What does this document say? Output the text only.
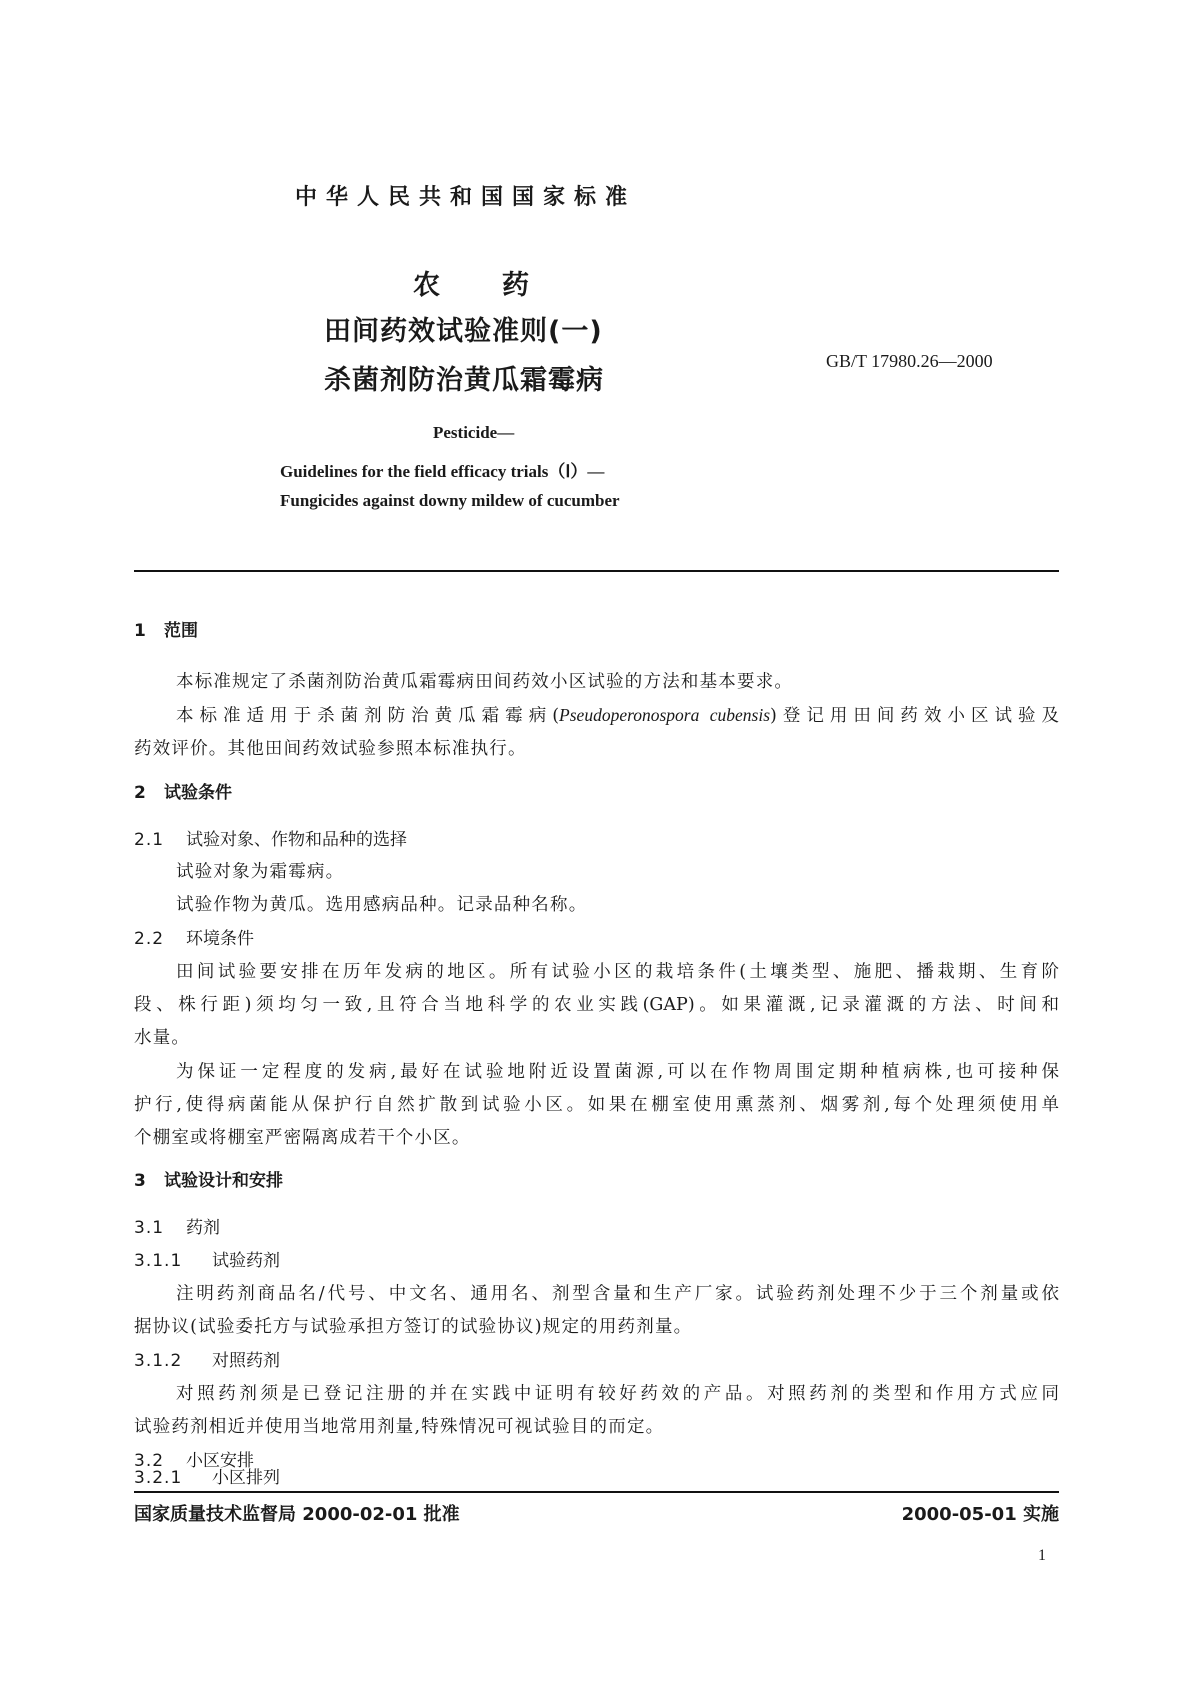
中华人民共和国国家标准
农 药
田间药效试验准则(一)
杀菌剂防治黄瓜霜霉病
GB/T 17980.26—2000
Pesticide—
Guidelines for the field efficacy trials（Ⅰ）—
Fungicides against downy mildew of cucumber
1 范围
本标准规定了杀菌剂防治黄瓜霜霉病田间药效小区试验的方法和基本要求。
本标准适用于杀菌剂防治黄瓜霜霉病(Pseudoperonospora cubensis)登记用田间药效小区试验及
药效评价。其他田间药效试验参照本标准执行。
2 试验条件
2.1 试验对象、作物和品种的选择
试验对象为霜霉病。
试验作物为黄瓜。选用感病品种。记录品种名称。
2.2 环境条件
田间试验要安排在历年发病的地区。所有试验小区的栽培条件(土壤类型、施肥、播栽期、生育阶
段、株行距)须均匀一致,且符合当地科学的农业实践(GAP)。如果灌溉,记录灌溉的方法、时间和
水量。
为保证一定程度的发病,最好在试验地附近设置菌源,可以在作物周围定期种植病株,也可接种保
护行,使得病菌能从保护行自然扩散到试验小区。如果在棚室使用熏蒸剂、烟雾剂,每个处理须使用单
个棚室或将棚室严密隔离成若干个小区。
3 试验设计和安排
3.1 药剂
3.1.1 试验药剂
注明药剂商品名/代号、中文名、通用名、剂型含量和生产厂家。试验药剂处理不少于三个剂量或依
据协议(试验委托方与试验承担方签订的试验协议)规定的用药剂量。
3.1.2 对照药剂
对照药剂须是已登记注册的并在实践中证明有较好药效的产品。对照药剂的类型和作用方式应同
试验药剂相近并使用当地常用剂量,特殊情况可视试验目的而定。
3.2 小区安排
3.2.1 小区排列
国家质量技术监督局 2000-02-01 批准	2000-05-01 实施
1
